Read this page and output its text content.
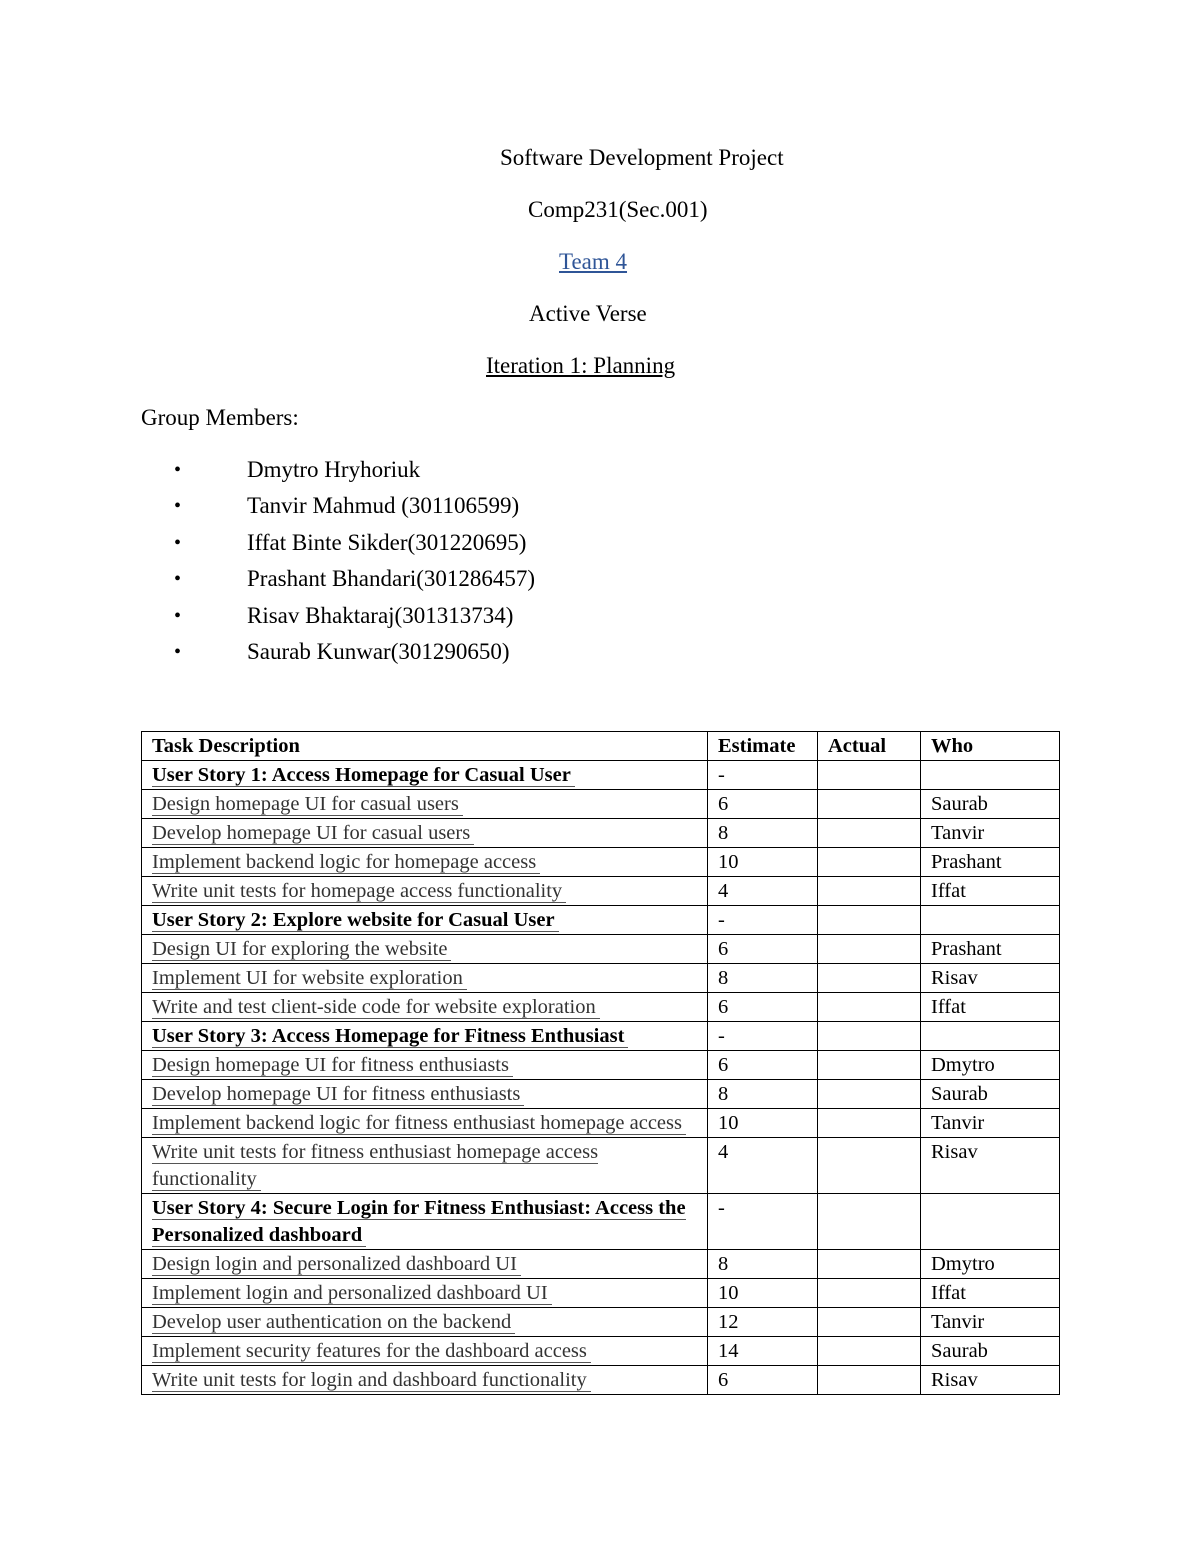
Software Development Project
Comp231(Sec.001)
Team 4
Active Verse
Iteration 1: Planning
Group Members:
•	Dmytro Hryhoriuk
•	Tanvir Mahmud (301106599)
•	Iffat Binte Sikder(301220695)
•	Prashant Bhandari(301286457)
•	Risav Bhaktaraj(301313734)
•	Saurab Kunwar(301290650)
Task Description	Estimate	Actual	Who
User Story 1: Access Homepage for Casual User	-		
Design homepage UI for casual users	6		Saurab
Develop homepage UI for casual users	8		Tanvir
Implement backend logic for homepage access	10		Prashant
Write unit tests for homepage access functionality	4		Iffat
User Story 2: Explore website for Casual User	-		
Design UI for exploring the website	6		Prashant
Implement UI for website exploration	8		Risav
Write and test client-side code for website exploration	6		Iffat
User Story 3: Access Homepage for Fitness Enthusiast	-		
Design homepage UI for fitness enthusiasts	6		Dmytro
Develop homepage UI for fitness enthusiasts	8		Saurab
Implement backend logic for fitness enthusiast homepage access	10		Tanvir
Write unit tests for fitness enthusiast homepage access functionality	4		Risav
User Story 4: Secure Login for Fitness Enthusiast: Access the Personalized dashboard	-		
Design login and personalized dashboard UI	8		Dmytro
Implement login and personalized dashboard UI	10		Iffat
Develop user authentication on the backend	12		Tanvir
Implement security features for the dashboard access	14		Saurab
Write unit tests for login and dashboard functionality	6		Risav
